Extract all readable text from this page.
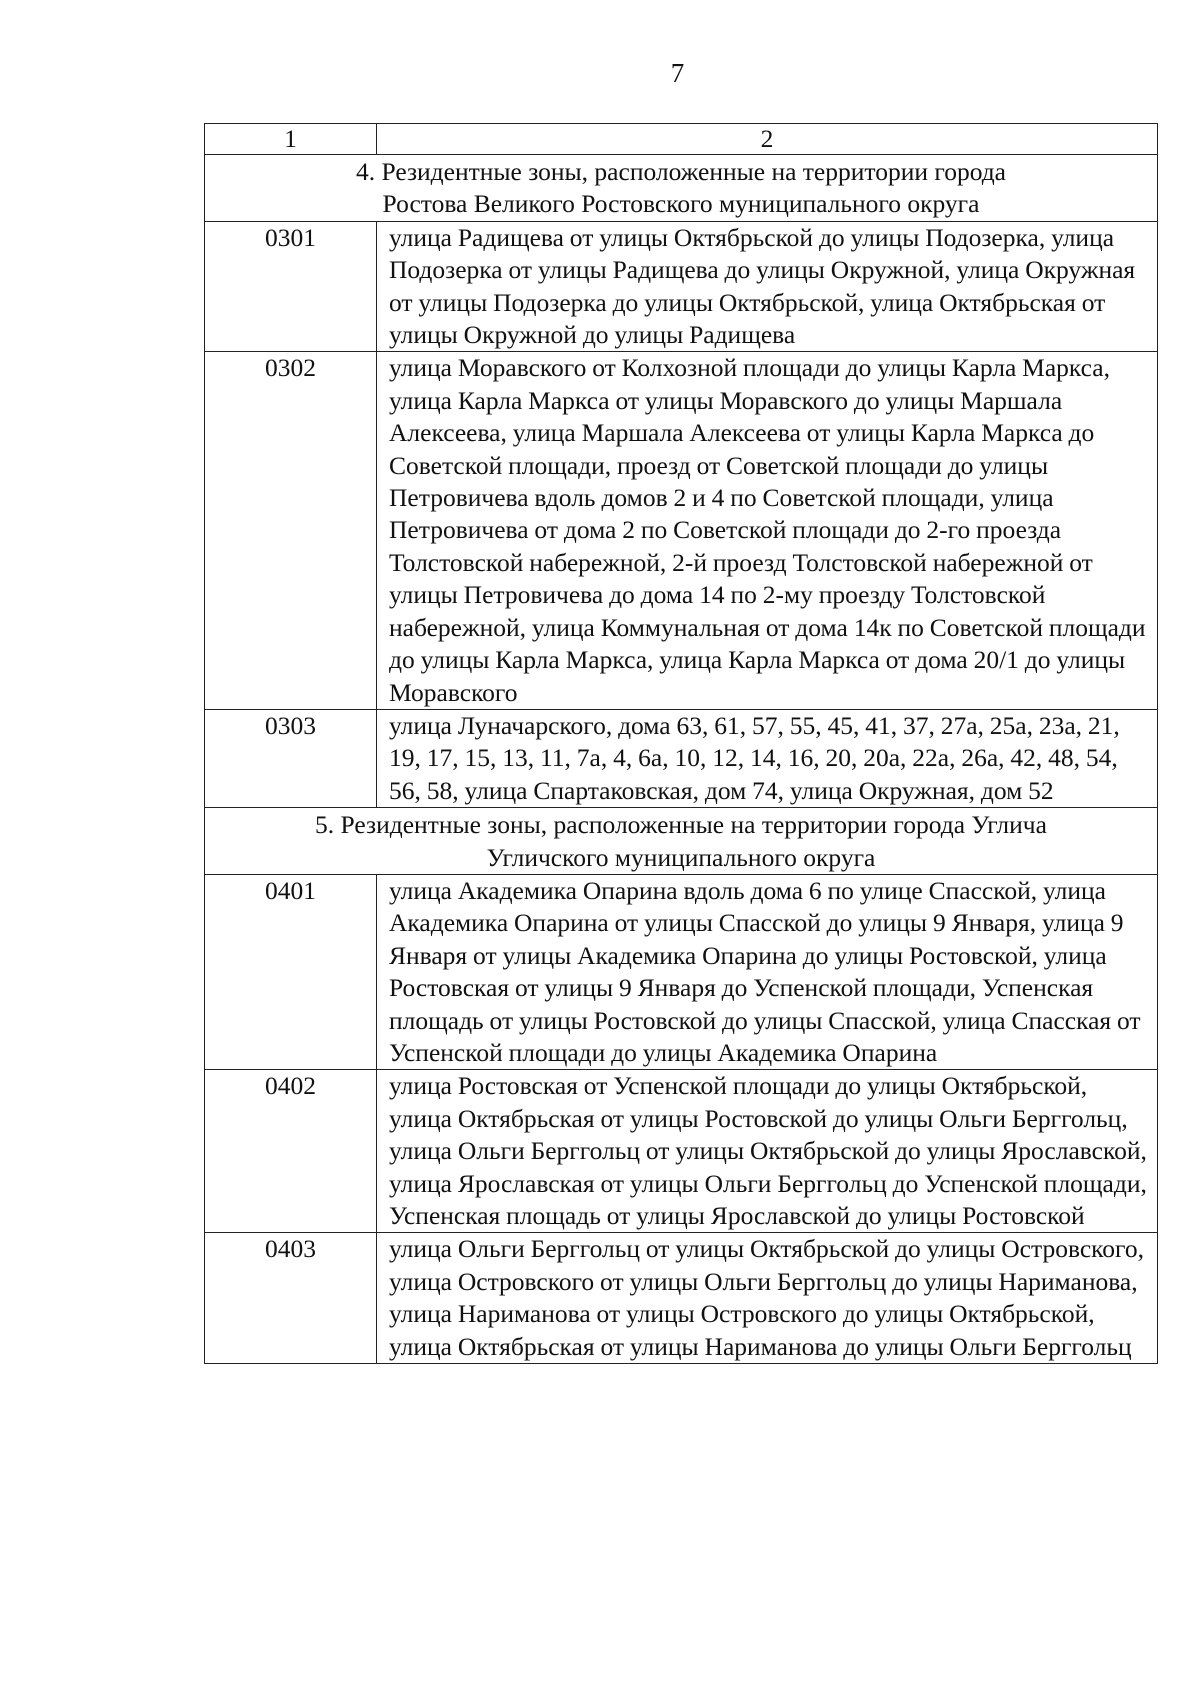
7
1	2
4. Резидентные зоны, расположенные на территории города Ростова Великого Ростовского муниципального округа	
0301	улица Радищева от улицы Октябрьской до улицы Подозерка, улица Подозерка от улицы Радищева до улицы Окружной, улица Окружная от улицы Подозерка до улицы Октябрьской, улица Октябрьская от улицы Окружной до улицы Радищева
0302	улица Моравского от Колхозной площади до улицы Карла Маркса, улица Карла Маркса от улицы Моравского до улицы Маршала Алексеева, улица Маршала Алексеева от улицы Карла Маркса до Советской площади, проезд от Советской площади до улицы Петровичева вдоль домов 2 и 4 по Советской площади, улица Петровичева от дома 2 по Советской площади до 2-го проезда Толстовской набережной, 2-й проезд Толстовской набережной от улицы Петровичева до дома 14 по 2-му проезду Толстовской набережной, улица Коммунальная от дома 14к по Советской площади до улицы Карла Маркса, улица Карла Маркса от дома 20/1 до улицы Моравского
0303	улица Луначарского, дома 63, 61, 57, 55, 45, 41, 37, 27а, 25а, 23а, 21, 19, 17, 15, 13, 11, 7а, 4, 6а, 10, 12, 14, 16, 20, 20а, 22а, 26а, 42, 48, 54, 56, 58, улица Спартаковская, дом 74, улица Окружная, дом 52
5. Резидентные зоны, расположенные на территории города Углича Угличского муниципального округа	
0401	улица Академика Опарина вдоль дома 6 по улице Спасской, улица Академика Опарина от улицы Спасской до улицы 9 Января, улица 9 Января от улицы Академика Опарина до улицы Ростовской, улица Ростовская от улицы 9 Января до Успенской площади, Успенская площадь от улицы Ростовской до улицы Спасской, улица Спасская от Успенской площади до улицы Академика Опарина
0402	улица Ростовская от Успенской площади до улицы Октябрьской, улица Октябрьская от улицы Ростовской до улицы Ольги Берггольц, улица Ольги Берггольц от улицы Октябрьской до улицы Ярославской, улица Ярославская от улицы Ольги Берггольц до Успенской площади, Успенская площадь от улицы Ярославской до улицы Ростовской
0403	улица Ольги Берггольц от улицы Октябрьской до улицы Островского, улица Островского от улицы Ольги Берггольц до улицы Нариманова, улица Нариманова от улицы Островского до улицы Октябрьской, улица Октябрьская от улицы Нариманова до улицы Ольги Берггольц
